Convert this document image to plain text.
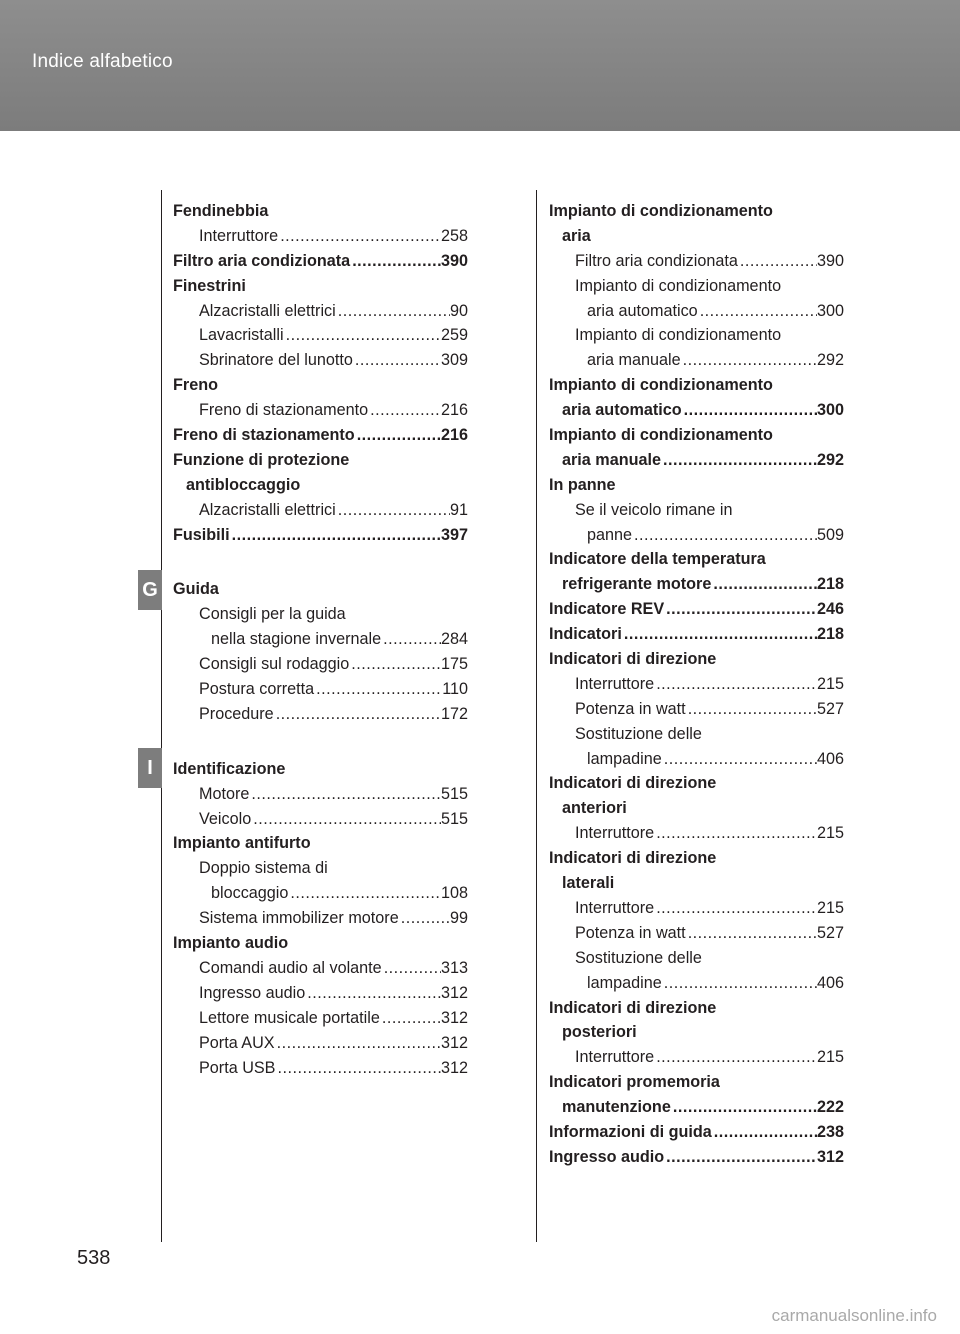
Indice alfabetico
G
I
Fendinebbia
Interruttore .....	258
Filtro aria condizionata .....	390
Finestrini
Alzacristalli elettrici .....	90
Lavacristalli .....	259
Sbrinatore del lunotto .....	309
Freno
Freno di stazionamento .....	216
Freno di stazionamento .....	216
Funzione di protezione
antibloccaggio
Alzacristalli elettrici .....	91
Fusibili .....	397
Guida
Consigli per la guida
nella stagione invernale .....	284
Consigli sul rodaggio .....	175
Postura corretta .....	110
Procedure .....	172
Identificazione
Motore .....	515
Veicolo .....	515
Impianto antifurto
Doppio sistema di
bloccaggio .....	108
Sistema immobilizer motore .....	99
Impianto audio
Comandi audio al volante .....	313
Ingresso audio .....	312
Lettore musicale portatile .....	312
Porta AUX .....	312
Porta USB .....	312
Impianto di condizionamento
aria
Filtro aria condizionata .....	390
Impianto di condizionamento
aria automatico .....	300
Impianto di condizionamento
aria manuale .....	292
Impianto di condizionamento
aria automatico .....	300
Impianto di condizionamento
aria manuale .....	292
In panne
Se il veicolo rimane in
panne .....	509
Indicatore della temperatura
refrigerante motore .....	218
Indicatore REV .....	246
Indicatori .....	218
Indicatori di direzione
Interruttore .....	215
Potenza in watt .....	527
Sostituzione delle
lampadine .....	406
Indicatori di direzione
anteriori
Interruttore .....	215
Indicatori di direzione
laterali
Interruttore .....	215
Potenza in watt .....	527
Sostituzione delle
lampadine .....	406
Indicatori di direzione
posteriori
Interruttore .....	215
Indicatori promemoria
manutenzione .....	222
Informazioni di guida .....	238
Ingresso audio .....	312
538
carmanualsonline.info
